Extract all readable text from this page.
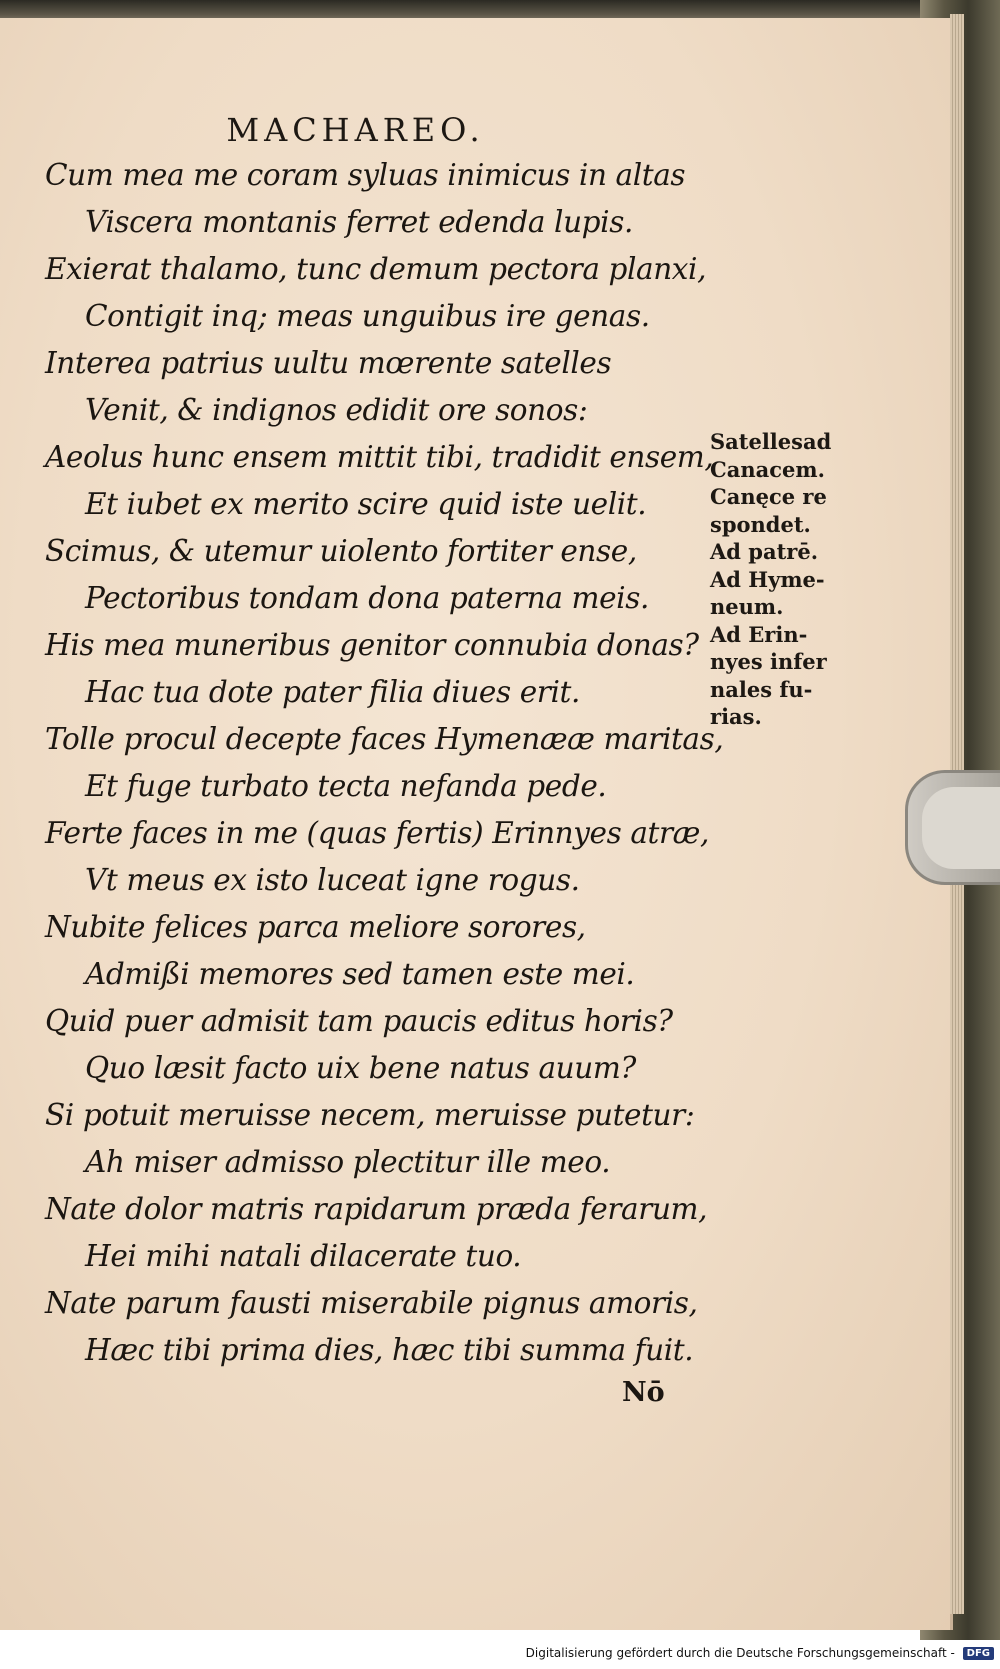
MACHAREO.
Cum mea me coram syluas inimicus in altas
Viscera montanis ferret edenda lupis.
Exierat thalamo, tunc demum pectora planxi,
Contigit inq; meas unguibus ire genas.
Interea patrius uultu mœrente satelles
Venit, & indignos edidit ore sonos:
Aeolus hunc ensem mittit tibi, tradidit ensem,
Et iubet ex merito scire quid iste uelit.
Scimus, & utemur uiolento fortiter ense,
Pectoribus tondam dona paterna meis.
His mea muneribus genitor connubia donas?
Hac tua dote pater filia diues erit.
Tolle procul decepte faces Hymenææ maritas,
Et fuge turbato tecta nefanda pede.
Ferte faces in me (quas fertis) Erinnyes atræ,
Vt meus ex isto luceat igne rogus.
Nubite felices parca meliore sorores,
Admißi memores sed tamen este mei.
Quid puer admisit tam paucis editus horis?
Quo læsit facto uix bene natus auum?
Si potuit meruisse necem, meruisse putetur:
Ah miser admisso plectitur ille meo.
Nate dolor matris rapidarum præda ferarum,
Hei mihi natali dilacerate tuo.
Nate parum fausti miserabile pignus amoris,
Hæc tibi prima dies, hæc tibi summa fuit.
Satellesad
Canacem.
Canęce re
spondet.
Ad patrē.
Ad Hyme-
neum.
Ad Erin-
nyes infer
nales fu-
rias.
Nō
Digitalisierung gefördert durch die Deutsche Forschungsgemeinschaft - DFG
